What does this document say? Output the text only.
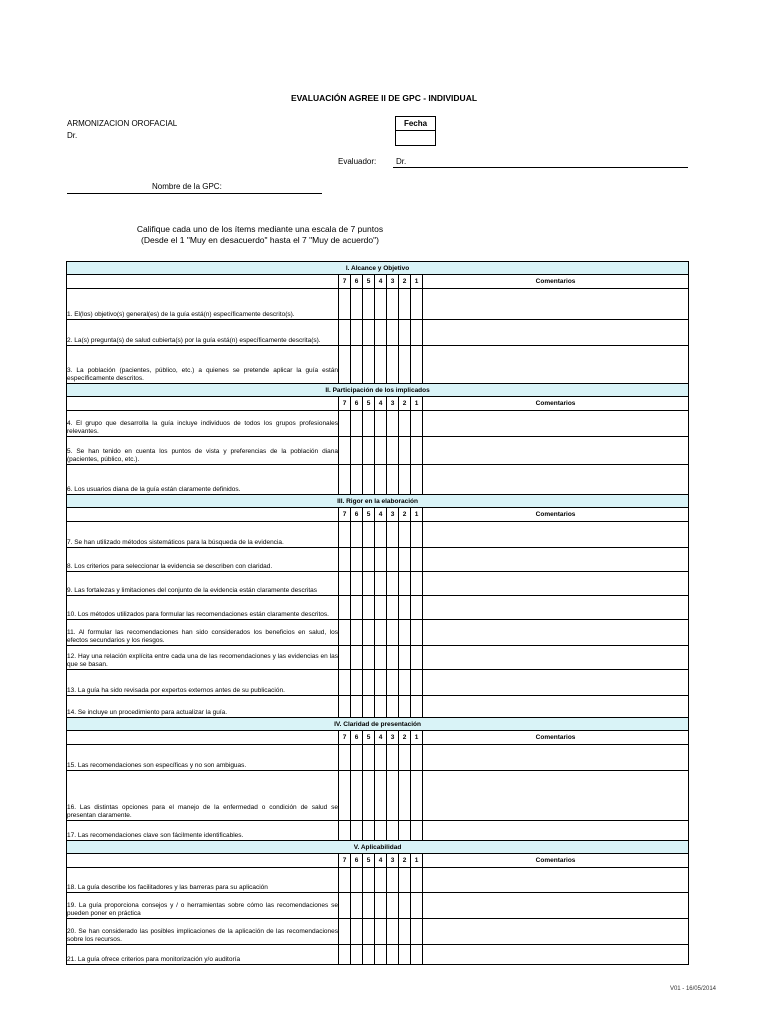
EVALUACIÓN AGREE II DE GPC - INDIVIDUAL
ARMONIZACION OROFACIAL
Dr.
Fecha
Evaluador:	Dr.
Nombre de la GPC:
Califique cada uno de los ítems mediante una escala de 7 puntos
(Desde el 1 "Muy en desacuerdo" hasta el 7 "Muy de acuerdo")
I. Alcance y Objetivo								
	7	6	5	4	3	2	1	Comentarios
1. El(los) objetivo(s) general(es) de la guía está(n) específicamente descrito(s).								
2. La(s) pregunta(s) de salud cubierta(s) por la guía está(n) específicamente descrita(s).								
3. La población (pacientes, público, etc.) a quienes se pretende aplicar la guía están específicamente descritos.								
II. Participación de los implicados								
	7	6	5	4	3	2	1	Comentarios
4. El grupo que desarrolla la guía incluye individuos de todos los grupos profesionales relevantes.								
5. Se han tenido en cuenta los puntos de vista y preferencias de la población diana (pacientes, público, etc.).								
6. Los usuarios diana de la guía están claramente definidos.								
III. Rigor en la elaboración								
	7	6	5	4	3	2	1	Comentarios
7. Se han utilizado métodos sistemáticos para la búsqueda de la evidencia.								
8. Los criterios para seleccionar la evidencia se describen con claridad.								
9. Las fortalezas y limitaciones del conjunto de la evidencia están claramente descritas								
10. Los métodos utilizados para formular las recomendaciones están claramente descritos.								
11. Al formular las recomendaciones han sido considerados los beneficios en salud, los efectos secundarios y los riesgos.								
12. Hay una relación explícita entre cada una de las recomendaciones y las evidencias en las que se basan.								
13. La guía ha sido revisada por expertos externos antes de su publicación.								
14. Se incluye un procedimiento para actualizar la guía.								
IV. Claridad de presentación								
	7	6	5	4	3	2	1	Comentarios
15. Las recomendaciones son específicas y no son ambiguas.								
16. Las distintas opciones para el manejo de la enfermedad o condición de salud se presentan claramente.								
17. Las recomendaciones clave son fácilmente identificables.								
V. Aplicabilidad								
	7	6	5	4	3	2	1	Comentarios
18. La guía describe los facilitadores y las barreras para su aplicación								
19. La guía proporciona consejos y / o herramientas sobre cómo las recomendaciones se pueden poner en práctica								
20. Se han considerado las posibles implicaciones de la aplicación de las recomendaciones sobre los recursos.								
21. La guía ofrece criterios para monitorización y/o auditoría								
V01 - 16/05/2014
